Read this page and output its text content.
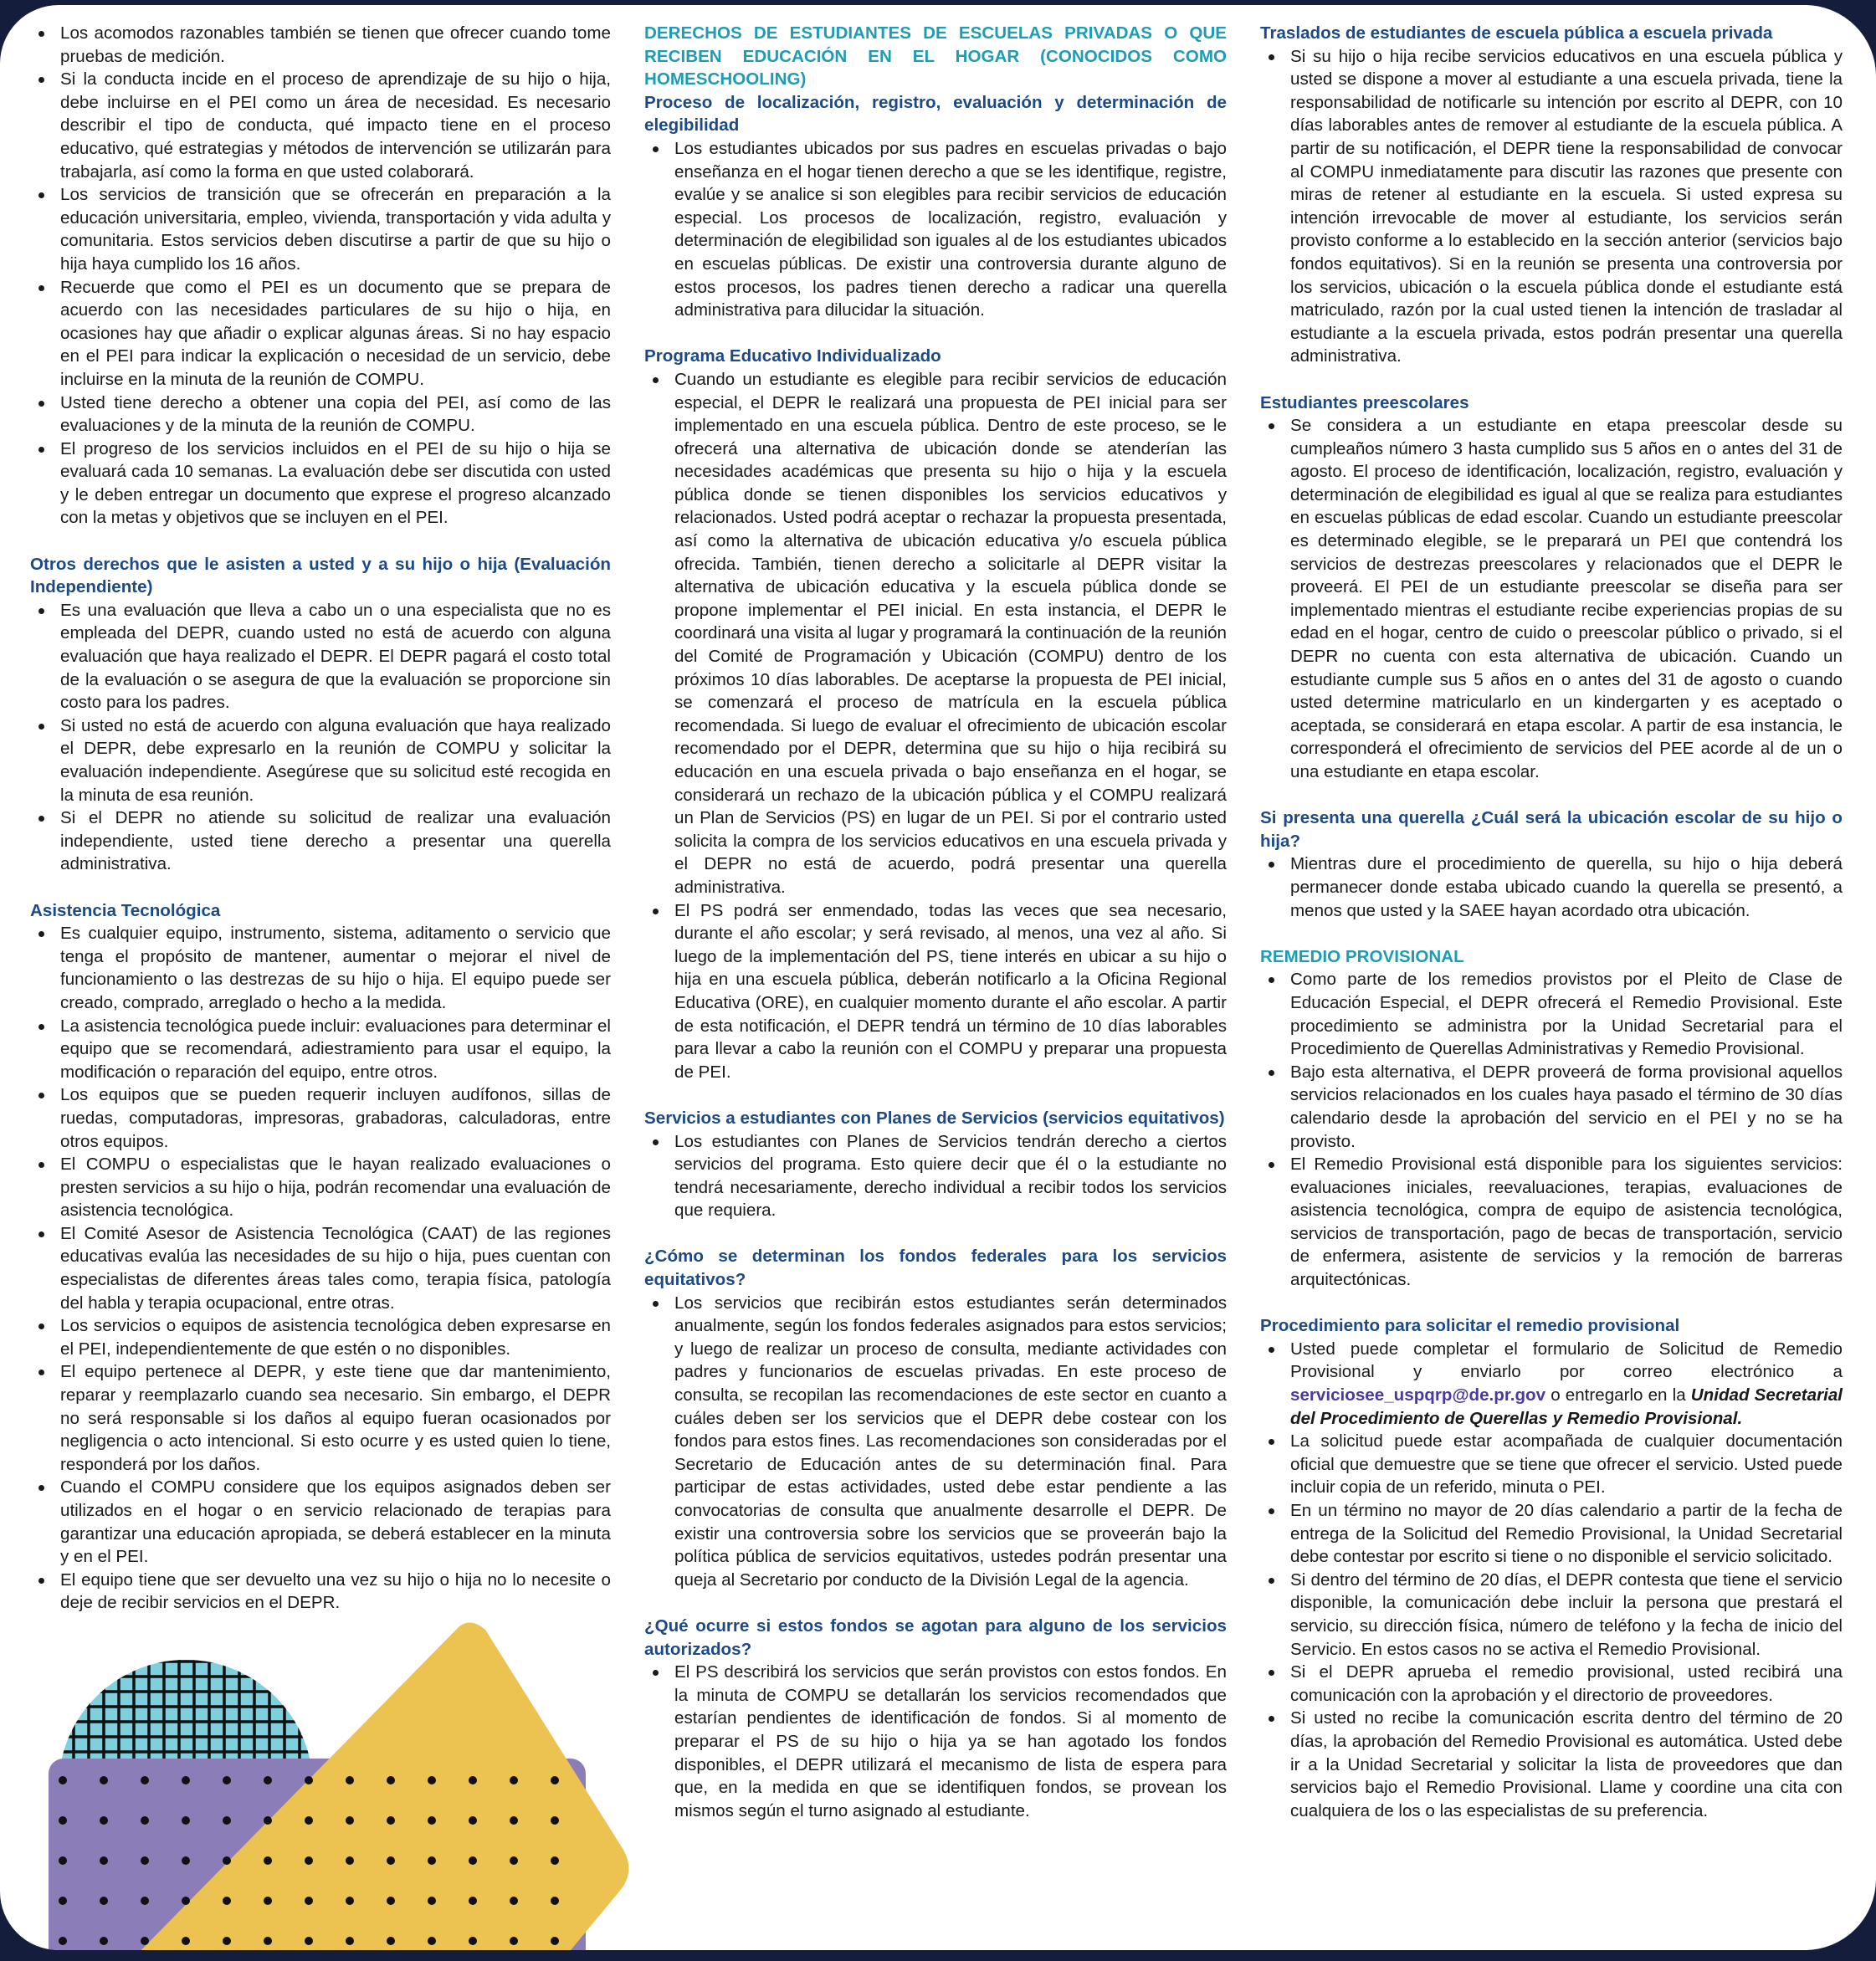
Los acomodos razonables también se tienen que ofrecer cuando tome pruebas de medición.
Si la conducta incide en el proceso de aprendizaje de su hijo o hija, debe incluirse en el PEI como un área de necesidad. Es necesario describir el tipo de conducta, qué impacto tiene en el proceso educativo, qué estrategias y métodos de intervención se utilizarán para trabajarla, así como la forma en que usted colaborará.
Los servicios de transición que se ofrecerán en preparación a la educación universitaria, empleo, vivienda, transportación y vida adulta y comunitaria. Estos servicios deben discutirse a partir de que su hijo o hija haya cumplido los 16 años.
Recuerde que como el PEI es un documento que se prepara de acuerdo con las necesidades particulares de su hijo o hija, en ocasiones hay que añadir o explicar algunas áreas. Si no hay espacio en el PEI para indicar la explicación o necesidad de un servicio, debe incluirse en la minuta de la reunión de COMPU.
Usted tiene derecho a obtener una copia del PEI, así como de las evaluaciones y de la minuta de la reunión de COMPU.
El progreso de los servicios incluidos en el PEI de su hijo o hija se evaluará cada 10 semanas. La evaluación debe ser discutida con usted y le deben entregar un documento que exprese el progreso alcanzado con la metas y objetivos que se incluyen en el PEI.
Otros derechos que le asisten a usted y a su hijo o hija (Evaluación Independiente)
Es una evaluación que lleva a cabo un o una especialista que no es empleada del DEPR, cuando usted no está de acuerdo con alguna evaluación que haya realizado el DEPR. El DEPR pagará el costo total de la evaluación o se asegura de que la evaluación se proporcione sin costo para los padres.
Si usted no está de acuerdo con alguna evaluación que haya realizado el DEPR, debe expresarlo en la reunión de COMPU y solicitar la evaluación independiente. Asegúrese que su solicitud esté recogida en la minuta de esa reunión.
Si el DEPR no atiende su solicitud de realizar una evaluación independiente, usted tiene derecho a presentar una querella administrativa.
Asistencia Tecnológica
Es cualquier equipo, instrumento, sistema, aditamento o servicio que tenga el propósito de mantener, aumentar o mejorar el nivel de funcionamiento o las destrezas de su hijo o hija. El equipo puede ser creado, comprado, arreglado o hecho a la medida.
La asistencia tecnológica puede incluir: evaluaciones para determinar el equipo que se recomendará, adiestramiento para usar el equipo, la modificación o reparación del equipo, entre otros.
Los equipos que se pueden requerir incluyen audífonos, sillas de ruedas, computadoras, impresoras, grabadoras, calculadoras, entre otros equipos.
El COMPU o especialistas que le hayan realizado evaluaciones o presten servicios a su hijo o hija, podrán recomendar una evaluación de asistencia tecnológica.
El Comité Asesor de Asistencia Tecnológica (CAAT) de las regiones educativas evalúa las necesidades de su hijo o hija, pues cuentan con especialistas de diferentes áreas tales como, terapia física, patología del habla y terapia ocupacional, entre otras.
Los servicios o equipos de asistencia tecnológica deben expresarse en el PEI, independientemente de que estén o no disponibles.
El equipo pertenece al DEPR, y este tiene que dar mantenimiento, reparar y reemplazarlo cuando sea necesario. Sin embargo, el DEPR no será responsable si los daños al equipo fueran ocasionados por negligencia o acto intencional. Si esto ocurre y es usted quien lo tiene, responderá por los daños.
Cuando el COMPU considere que los equipos asignados deben ser utilizados en el hogar o en servicio relacionado de terapias para garantizar una educación apropiada, se deberá establecer en la minuta y en el PEI.
El equipo tiene que ser devuelto una vez su hijo o hija no lo necesite o deje de recibir servicios en el DEPR.
DERECHOS DE ESTUDIANTES DE ESCUELAS PRIVADAS O QUE RECIBEN EDUCACIÓN EN EL HOGAR (CONOCIDOS COMO HOMESCHOOLING)
Proceso de localización, registro, evaluación y determinación de elegibilidad
Los estudiantes ubicados por sus padres en escuelas privadas o bajo enseñanza en el hogar tienen derecho a que se les identifique, registre, evalúe y se analice si son elegibles para recibir servicios de educación especial. Los procesos de localización, registro, evaluación y determinación de elegibilidad son iguales al de los estudiantes ubicados en escuelas públicas. De existir una controversia durante alguno de estos procesos, los padres tienen derecho a radicar una querella administrativa para dilucidar la situación.
Programa Educativo Individualizado
Cuando un estudiante es elegible para recibir servicios de educación especial, el DEPR le realizará una propuesta de PEI inicial para ser implementado en una escuela pública. Dentro de este proceso, se le ofrecerá una alternativa de ubicación donde se atenderían las necesidades académicas que presenta su hijo o hija y la escuela pública donde se tienen disponibles los servicios educativos y relacionados. Usted podrá aceptar o rechazar la propuesta presentada, así como la alternativa de ubicación educativa y/o escuela pública ofrecida. También, tienen derecho a solicitarle al DEPR visitar la alternativa de ubicación educativa y la escuela pública donde se propone implementar el PEI inicial. En esta instancia, el DEPR le coordinará una visita al lugar y programará la continuación de la reunión del Comité de Programación y Ubicación (COMPU) dentro de los próximos 10 días laborables. De aceptarse la propuesta de PEI inicial, se comenzará el proceso de matrícula en la escuela pública recomendada. Si luego de evaluar el ofrecimiento de ubicación escolar recomendado por el DEPR, determina que su hijo o hija recibirá su educación en una escuela privada o bajo enseñanza en el hogar, se considerará un rechazo de la ubicación pública y el COMPU realizará un Plan de Servicios (PS) en lugar de un PEI. Si por el contrario usted solicita la compra de los servicios educativos en una escuela privada y el DEPR no está de acuerdo, podrá presentar una querella administrativa.
El PS podrá ser enmendado, todas las veces que sea necesario, durante el año escolar; y será revisado, al menos, una vez al año. Si luego de la implementación del PS, tiene interés en ubicar a su hijo o hija en una escuela pública, deberán notificarlo a la Oficina Regional Educativa (ORE), en cualquier momento durante el año escolar. A partir de esta notificación, el DEPR tendrá un término de 10 días laborables para llevar a cabo la reunión con el COMPU y preparar una propuesta de PEI.
Servicios a estudiantes con Planes de Servicios (servicios equitativos)
Los estudiantes con Planes de Servicios tendrán derecho a ciertos servicios del programa. Esto quiere decir que él o la estudiante no tendrá necesariamente, derecho individual a recibir todos los servicios que requiera.
¿Cómo se determinan los fondos federales para los servicios equitativos?
Los servicios que recibirán estos estudiantes serán determinados anualmente, según los fondos federales asignados para estos servicios; y luego de realizar un proceso de consulta, mediante actividades con padres y funcionarios de escuelas privadas. En este proceso de consulta, se recopilan las recomendaciones de este sector en cuanto a cuáles deben ser los servicios que el DEPR debe costear con los fondos para estos fines. Las recomendaciones son consideradas por el Secretario de Educación antes de su determinación final. Para participar de estas actividades, usted debe estar pendiente a las convocatorias de consulta que anualmente desarrolle el DEPR. De existir una controversia sobre los servicios que se proveerán bajo la política pública de servicios equitativos, ustedes podrán presentar una queja al Secretario por conducto de la División Legal de la agencia.
¿Qué ocurre si estos fondos se agotan para alguno de los servicios autorizados?
El PS describirá los servicios que serán provistos con estos fondos. En la minuta de COMPU se detallarán los servicios recomendados que estarían pendientes de identificación de fondos. Si al momento de preparar el PS de su hijo o hija ya se han agotado los fondos disponibles, el DEPR utilizará el mecanismo de lista de espera para que, en la medida en que se identifiquen fondos, se provean los mismos según el turno asignado al estudiante.
Traslados de estudiantes de escuela pública a escuela privada
Si su hijo o hija recibe servicios educativos en una escuela pública y usted se dispone a mover al estudiante a una escuela privada, tiene la responsabilidad de notificarle su intención por escrito al DEPR, con 10 días laborables antes de remover al estudiante de la escuela pública. A partir de su notificación, el DEPR tiene la responsabilidad de convocar al COMPU inmediatamente para discutir las razones que presente con miras de retener al estudiante en la escuela. Si usted expresa su intención irrevocable de mover al estudiante, los servicios serán provisto conforme a lo establecido en la sección anterior (servicios bajo fondos equitativos). Si en la reunión se presenta una controversia por los servicios, ubicación o la escuela pública donde el estudiante está matriculado, razón por la cual usted tienen la intención de trasladar al estudiante a la escuela privada, estos podrán presentar una querella administrativa.
Estudiantes preescolares
Se considera a un estudiante en etapa preescolar desde su cumpleaños número 3 hasta cumplido sus 5 años en o antes del 31 de agosto. El proceso de identificación, localización, registro, evaluación y determinación de elegibilidad es igual al que se realiza para estudiantes en escuelas públicas de edad escolar. Cuando un estudiante preescolar es determinado elegible, se le preparará un PEI que contendrá los servicios de destrezas preescolares y relacionados que el DEPR le proveerá. El PEI de un estudiante preescolar se diseña para ser implementado mientras el estudiante recibe experiencias propias de su edad en el hogar, centro de cuido o preescolar público o privado, si el DEPR no cuenta con esta alternativa de ubicación. Cuando un estudiante cumple sus 5 años en o antes del 31 de agosto o cuando usted determine matricularlo en un kindergarten y es aceptado o aceptada, se considerará en etapa escolar. A partir de esa instancia, le corresponderá el ofrecimiento de servicios del PEE acorde al de un o una estudiante en etapa escolar.
Si presenta una querella ¿Cuál será la ubicación escolar de su hijo o hija?
Mientras dure el procedimiento de querella, su hijo o hija deberá permanecer donde estaba ubicado cuando la querella se presentó, a menos que usted y la SAEE hayan acordado otra ubicación.
REMEDIO PROVISIONAL
Como parte de los remedios provistos por el Pleito de Clase de Educación Especial, el DEPR ofrecerá el Remedio Provisional. Este procedimiento se administra por la Unidad Secretarial para el Procedimiento de Querellas Administrativas y Remedio Provisional.
Bajo esta alternativa, el DEPR proveerá de forma provisional aquellos servicios relacionados en los cuales haya pasado el término de 30 días calendario desde la aprobación del servicio en el PEI y no se ha provisto.
El Remedio Provisional está disponible para los siguientes servicios: evaluaciones iniciales, reevaluaciones, terapias, evaluaciones de asistencia tecnológica, compra de equipo de asistencia tecnológica, servicios de transportación, pago de becas de transportación, servicio de enfermera, asistente de servicios y la remoción de barreras arquitectónicas.
Procedimiento para solicitar el remedio provisional
Usted puede completar el formulario de Solicitud de Remedio Provisional y enviarlo por correo electrónico a serviciosee_uspqrp@de.pr.gov o entregarlo en la Unidad Secretarial del Procedimiento de Querellas y Remedio Provisional.
La solicitud puede estar acompañada de cualquier documentación oficial que demuestre que se tiene que ofrecer el servicio. Usted puede incluir copia de un referido, minuta o PEI.
En un término no mayor de 20 días calendario a partir de la fecha de entrega de la Solicitud del Remedio Provisional, la Unidad Secretarial debe contestar por escrito si tiene o no disponible el servicio solicitado.
Si dentro del término de 20 días, el DEPR contesta que tiene el servicio disponible, la comunicación debe incluir la persona que prestará el servicio, su dirección física, número de teléfono y la fecha de inicio del Servicio. En estos casos no se activa el Remedio Provisional.
Si el DEPR aprueba el remedio provisional, usted recibirá una comunicación con la aprobación y el directorio de proveedores.
Si usted no recibe la comunicación escrita dentro del término de 20 días, la aprobación del Remedio Provisional es automática. Usted debe ir a la Unidad Secretarial y solicitar la lista de proveedores que dan servicios bajo el Remedio Provisional. Llame y coordine una cita con cualquiera de los o las especialistas de su preferencia.
